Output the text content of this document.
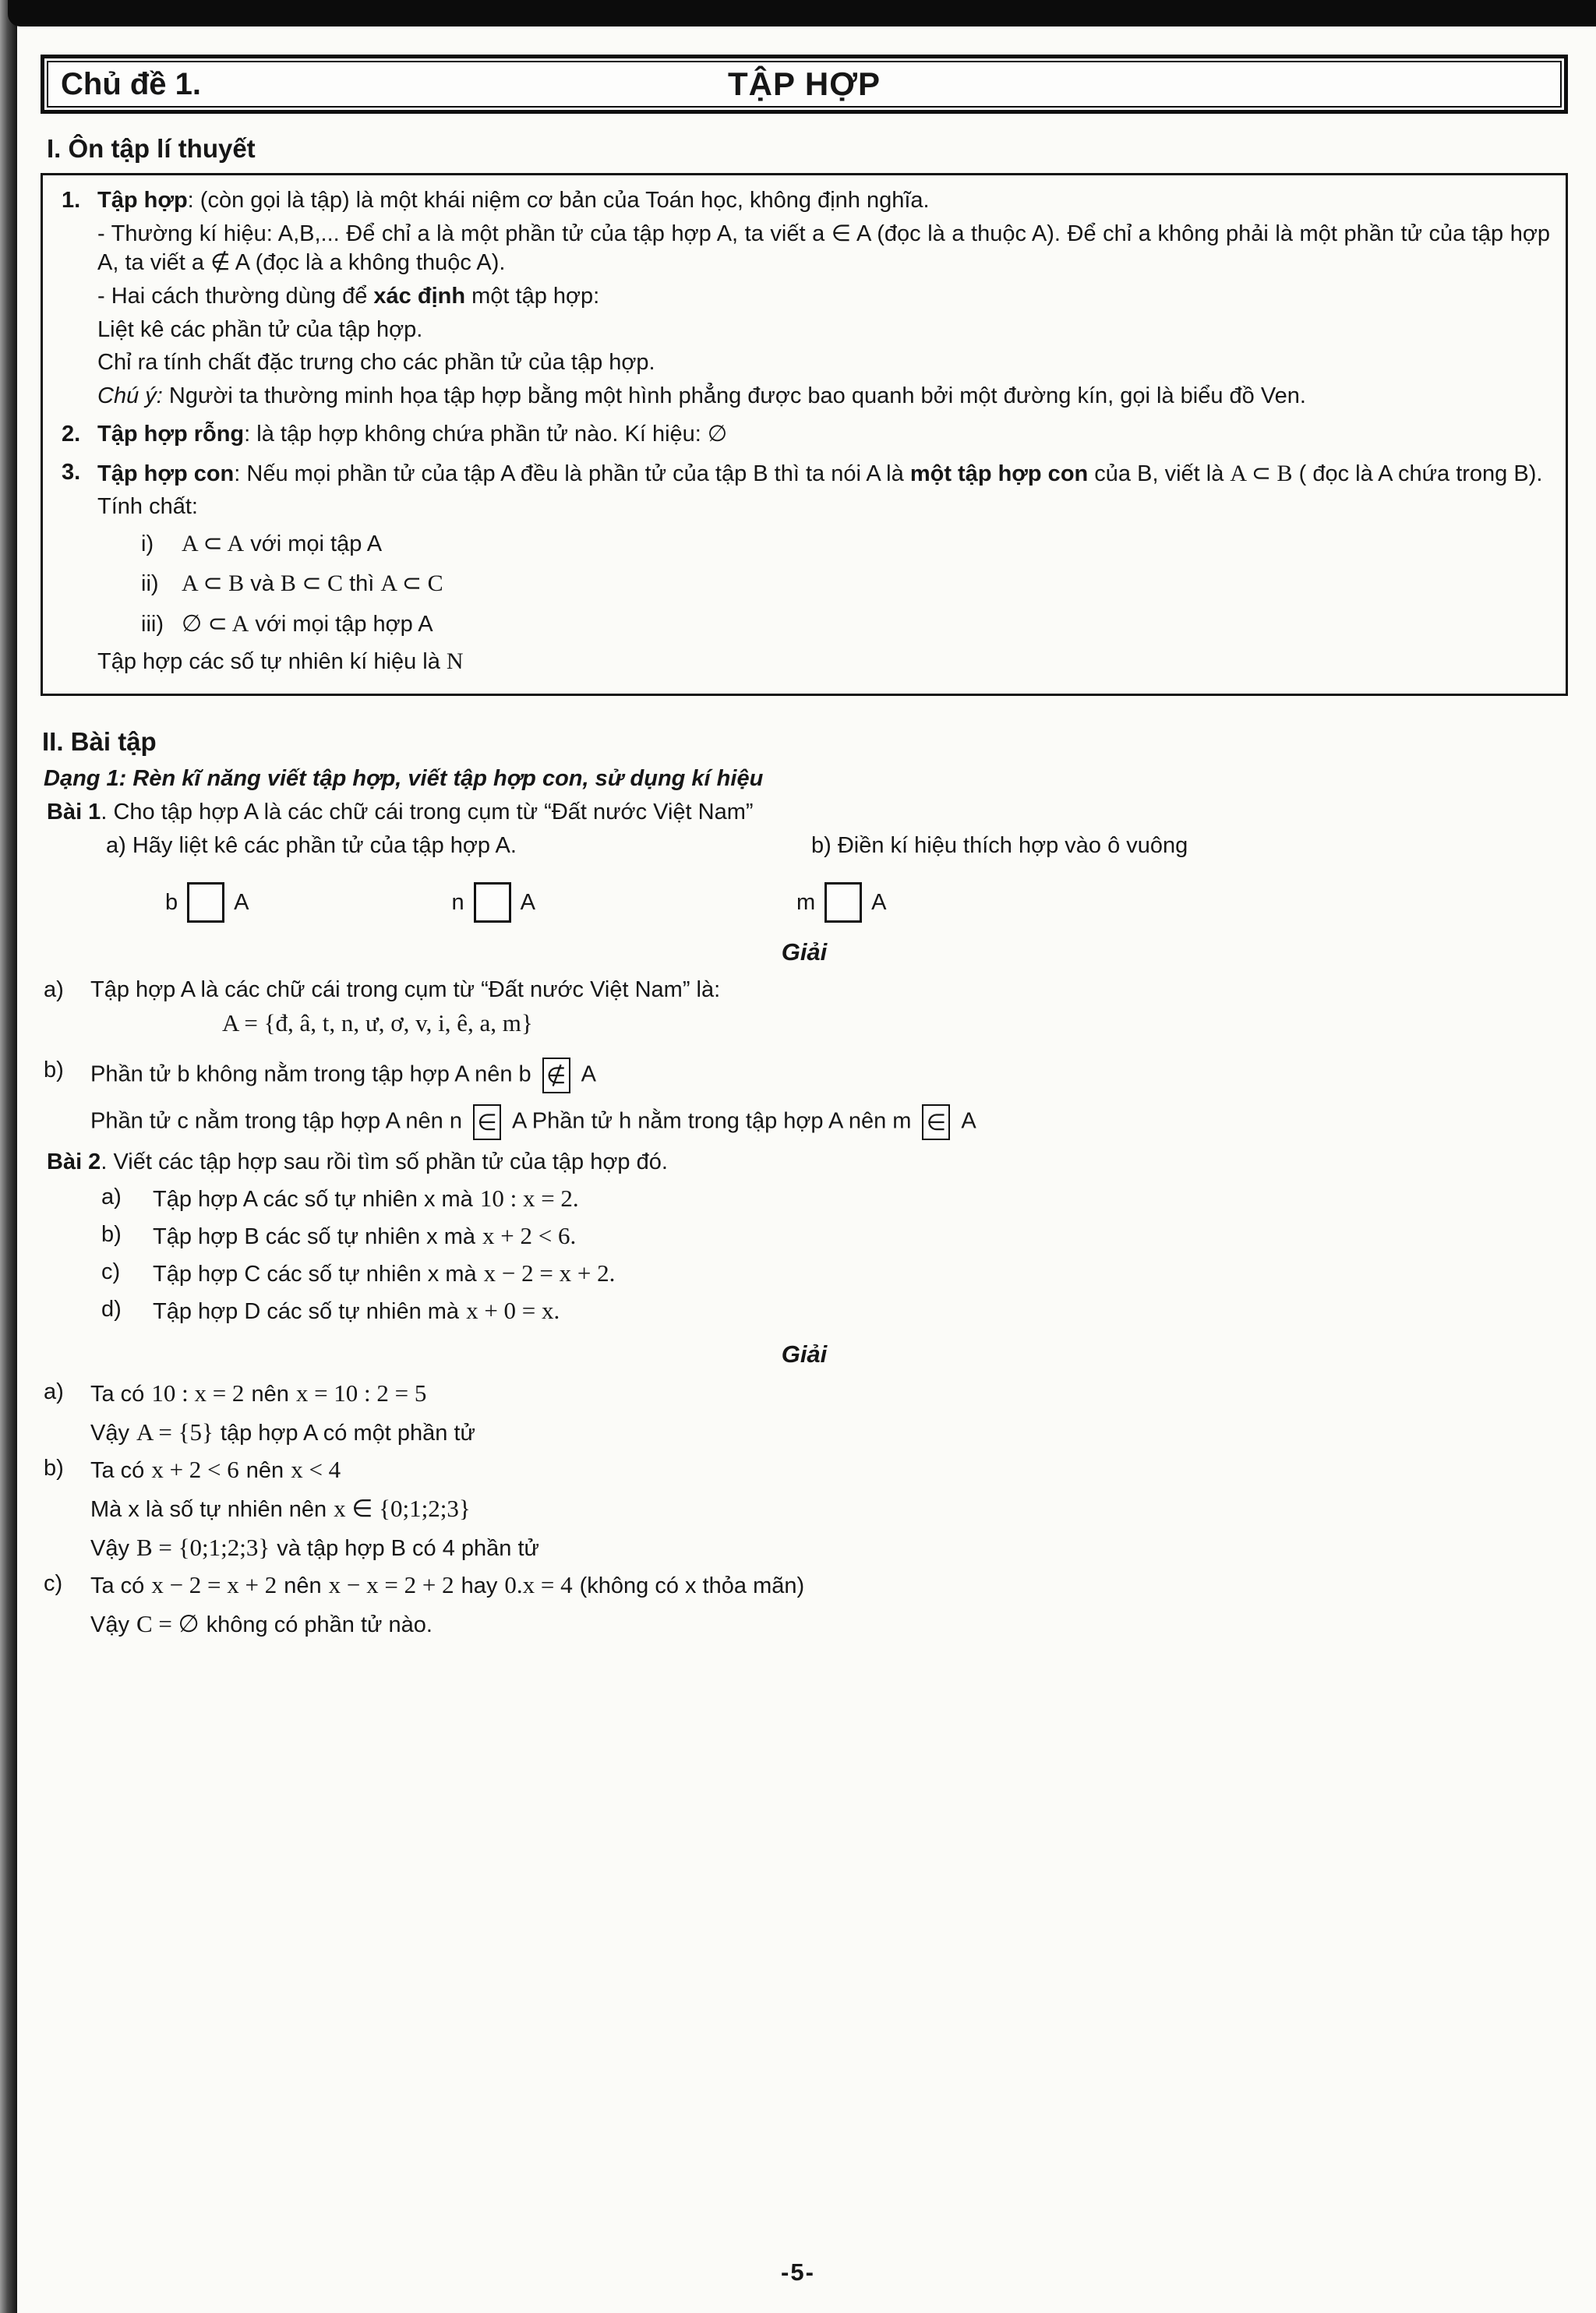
TẬP HỢP
Chủ đề 1.
I. Ôn tập lí thuyết
1. Tập hợp: (còn gọi là tập) là một khái niệm cơ bản của Toán học, không định nghĩa.

- Thường kí hiệu: A,B,... Để chỉ a là một phần tử của tập hợp A, ta viết a ∈ A (đọc là a thuộc A). Để chỉ a không phải là một phần tử của tập hợp A, ta viết a ∉ A (đọc là a không thuộc A).

- Hai cách thường dùng để xác định một tập hợp:

Liệt kê các phần tử của tập hợp.

Chỉ ra tính chất đặc trưng cho các phần tử của tập hợp.

Chú ý: Người ta thường minh họa tập hợp bằng một hình phẳng được bao quanh bởi một đường kín, gọi là biểu đồ Ven.

2. Tập hợp rỗng: là tập hợp không chứa phần tử nào. Kí hiệu: ∅

3. Tập hợp con: Nếu mọi phần tử của tập A đều là phần tử của tập B thì ta nói A là một tập hợp con của B, viết là A ⊂ B ( đọc là A chứa trong B).

Tính chất:

i) A ⊂ A với mọi tập A

ii) A ⊂ B và B ⊂ C thì A ⊂ C

iii) ∅ ⊂ A với mọi tập hợp A

Tập hợp các số tự nhiên kí hiệu là N

II. Bài tập

Dạng 1: Rèn kĩ năng viết tập hợp, viết tập hợp con, sử dụng kí hiệu

Bài 1. Cho tập hợp A là các chữ cái trong cụm từ “Đất nước Việt Nam”

a) Hãy liệt kê các phần tử của tập hợp A.	b) Điền kí hiệu thích hợp vào ô vuông
b A	n A	m A

Giải

a)	Tập hợp A là các chữ cái trong cụm từ “Đất nước Việt Nam” là:

A = {đ, â, t, n, ư, ơ, v, i, ê, a, m}

b)	Phần tử b không nằm trong tập hợp A nên b ∉ A

Phần tử c nằm trong tập hợp A nên n ∈ A Phần tử h nằm trong tập hợp A nên m ∈ A

Bài 2. Viết các tập hợp sau rồi tìm số phần tử của tập hợp đó.

a)	Tập hợp A các số tự nhiên x mà 10 : x = 2.

b)	Tập hợp B các số tự nhiên x mà x + 2 < 6.

c)	Tập hợp C các số tự nhiên x mà x − 2 = x + 2.

d)	Tập hợp D các số tự nhiên mà x + 0 = x.

Giải

a)	Ta có 10 : x = 2 nên x = 10 : 2 = 5

Vậy A = {5} tập hợp A có một phần tử

b)	Ta có x + 2 < 6 nên x < 4

Mà x là số tự nhiên nên x ∈ {0;1;2;3}

Vậy B = {0;1;2;3} và tập hợp B có 4 phần tử

c)	Ta có x − 2 = x + 2 nên x − x = 2 + 2 hay 0.x = 4 (không có x thỏa mãn)

Vậy C = ∅ không có phần tử nào.

-5-
